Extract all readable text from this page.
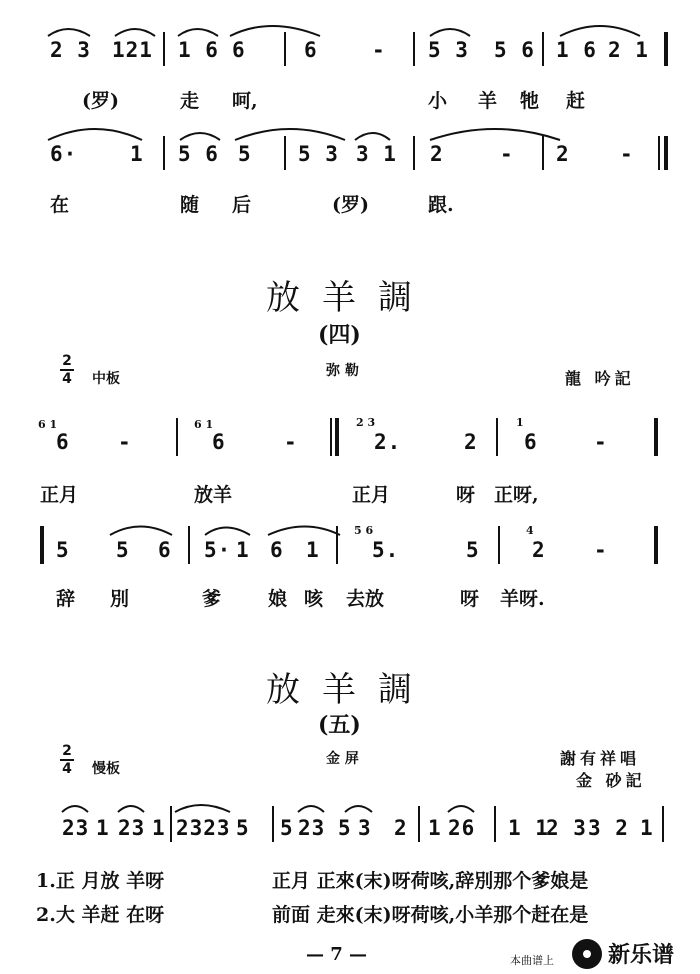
2 3 121 1 6 6	6	- 5 3 5 6 1 6 2 1
(罗)	走 呵,	小 羊 牠 赶
6·	1 5 6 5 5 3 3 1 2	- 2 -
在	随 后	(罗)	跟.
放羊調
(四)
2
4 中板	弥 勒	龍 吟記
6 1
6 -
6 1
6	-
2 3
2.	2
1
6	-
正月	放羊	正月	呀 正呀,
5 5 6 5· 1 6 1
5 6
5.	5
4
2 -
辞 別	爹 娘 咳 去放	呀 羊呀.
放羊調
(五)
2
4 慢板
金 屏	謝有祥唱
金 砂記
23 1 23 1 2323 5 5 23 5 3 2 1 26 1 1
2 3 3 2 1
1.正 月放 羊呀	正月 正來(末)呀荷咳,辞別那个爹娘是
2.大 羊赶 在呀	前面 走來(末)呀荷咳,小羊那个赶在是
— 7 —	本曲谱上 新乐谱
